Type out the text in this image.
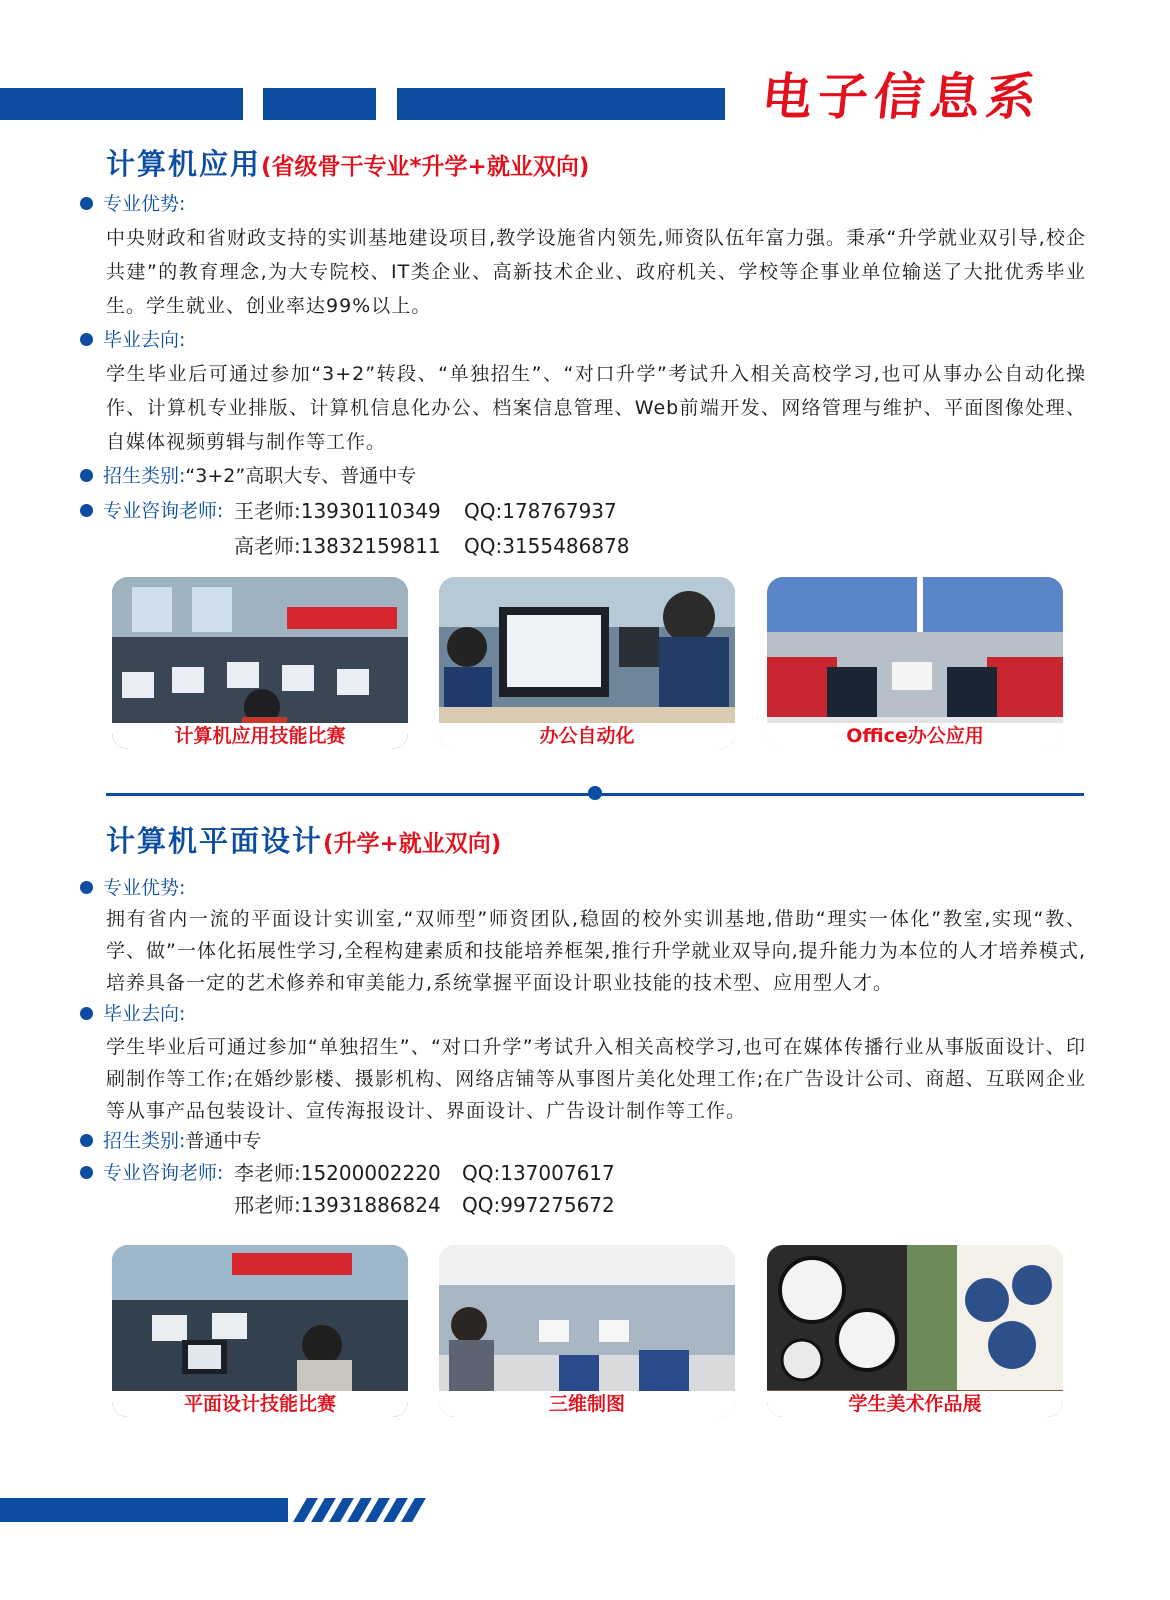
电子信息系
计算机应用(省级骨干专业*升学+就业双向)
专业优势:

中央财政和省财政支持的实训基地建设项目,教学设施省内领先,师资队伍年富力强。秉承“升学就业双引导,校企共建”的教育理念,为大专院校、IT类企业、高新技术企业、政府机关、学校等企事业单位输送了大批优秀毕业生。学生就业、创业率达99%以上。

毕业去向:

学生毕业后可通过参加“3+2”转段、“单独招生”、“对口升学”考试升入相关高校学习,也可从事办公自动化操作、计算机专业排版、计算机信息化办公、档案信息管理、Web前端开发、网络管理与维护、平面图像处理、自媒体视频剪辑与制作等工作。

招生类别:“3+2”高职大专、普通中专
专业咨询老师: 王老师:13930110349 QQ:178767937
高老师:13832159811 QQ:3155486878
计算机应用技能比赛	办公自动化	Office办公应用
计算机平面设计(升学+就业双向)
专业优势:

拥有省内一流的平面设计实训室,“双师型”师资团队,稳固的校外实训基地,借助“理实一体化”教室,实现“教、学、做”一体化拓展性学习,全程构建素质和技能培养框架,推行升学就业双导向,提升能力为本位的人才培养模式,培养具备一定的艺术修养和审美能力,系统掌握平面设计职业技能的技术型、应用型人才。

毕业去向:

学生毕业后可通过参加“单独招生”、“对口升学”考试升入相关高校学习,也可在媒体传播行业从事版面设计、印刷制作等工作;在婚纱影楼、摄影机构、网络店铺等从事图片美化处理工作;在广告设计公司、商超、互联网企业等从事产品包装设计、宣传海报设计、界面设计、广告设计制作等工作。

招生类别:普通中专
专业咨询老师: 李老师:15200002220 QQ:137007617
邢老师:13931886824 QQ:997275672
平面设计技能比赛	三维制图	学生美术作品展
